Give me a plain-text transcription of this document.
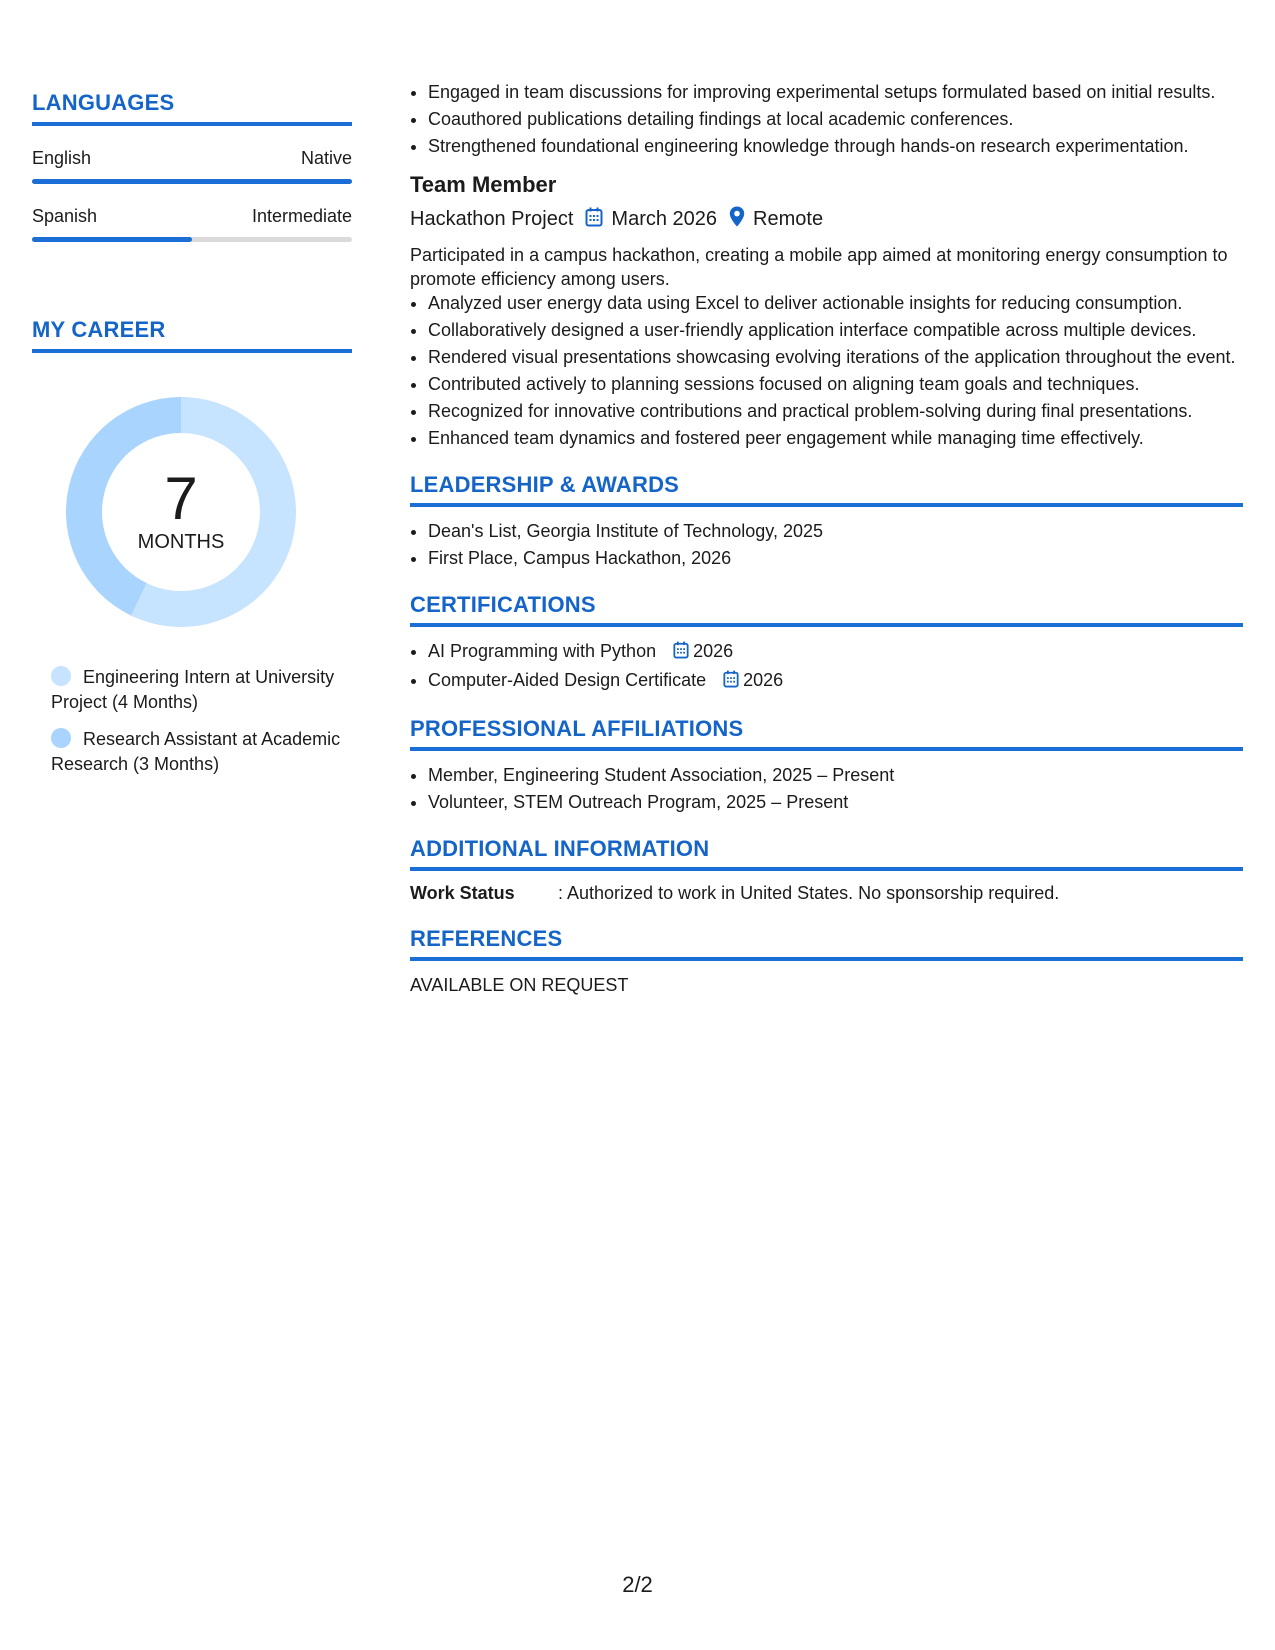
LANGUAGES
English	Native
Spanish	Intermediate
MY CAREER
7
MONTHS
Engineering Intern at University Project (4 Months)
Research Assistant at Academic Research (3 Months)
• Engaged in team discussions for improving experimental setups formulated based on initial results.
• Coauthored publications detailing findings at local academic conferences.
• Strengthened foundational engineering knowledge through hands-on research experimentation.
Team Member
Hackathon Project March 2026 Remote
Participated in a campus hackathon, creating a mobile app aimed at monitoring energy consumption to promote efficiency among users.
• Analyzed user energy data using Excel to deliver actionable insights for reducing consumption.
• Collaboratively designed a user-friendly application interface compatible across multiple devices.
• Rendered visual presentations showcasing evolving iterations of the application throughout the event.
• Contributed actively to planning sessions focused on aligning team goals and techniques.
• Recognized for innovative contributions and practical problem-solving during final presentations.
• Enhanced team dynamics and fostered peer engagement while managing time effectively.
LEADERSHIP & AWARDS
• Dean's List, Georgia Institute of Technology, 2025
• First Place, Campus Hackathon, 2026
CERTIFICATIONS
• AI Programming with Python 2026
• Computer-Aided Design Certificate 2026
PROFESSIONAL AFFILIATIONS
• Member, Engineering Student Association, 2025 – Present
• Volunteer, STEM Outreach Program, 2025 – Present
ADDITIONAL INFORMATION
Work Status	: Authorized to work in United States. No sponsorship required.
REFERENCES
AVAILABLE ON REQUEST
2/2
